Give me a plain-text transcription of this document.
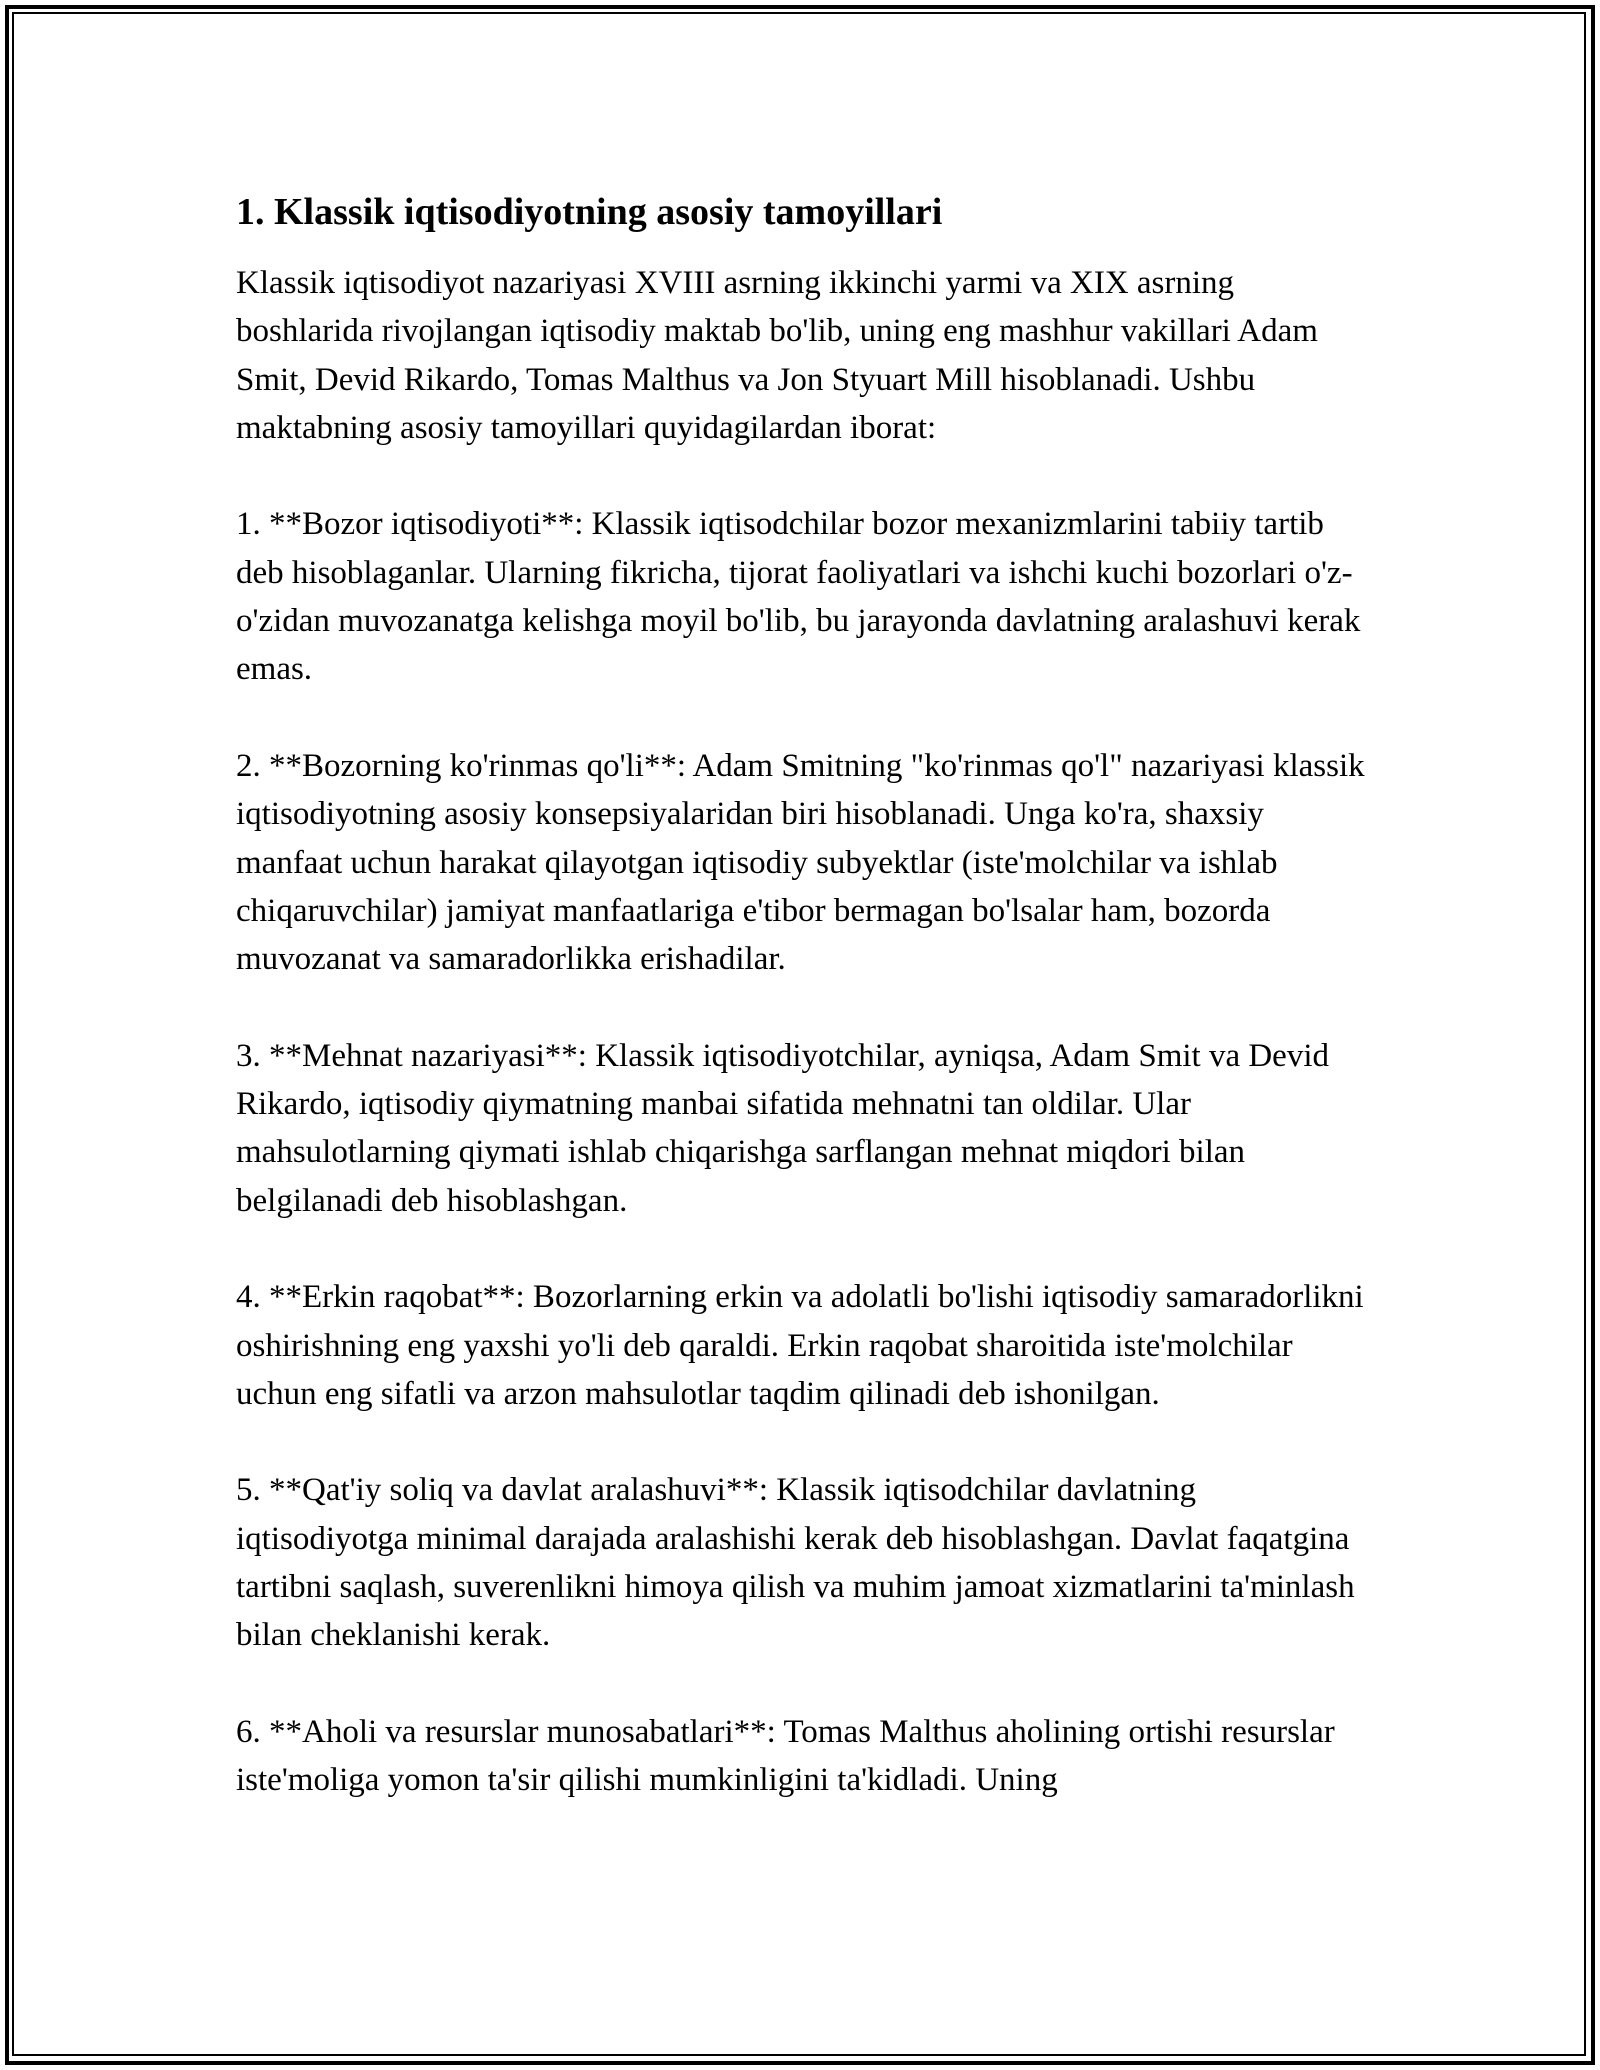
1. Klassik iqtisodiyotning asosiy tamoyillari

Klassik iqtisodiyot nazariyasi XVIII asrning ikkinchi yarmi va XIX asrning boshlarida rivojlangan iqtisodiy maktab bo'lib, uning eng mashhur vakillari Adam Smit, Devid Rikardo, Tomas Malthus va Jon Styuart Mill hisoblanadi. Ushbu maktabning asosiy tamoyillari quyidagilardan iborat:

1. **Bozor iqtisodiyoti**: Klassik iqtisodchilar bozor mexanizmlarini tabiiy tartib deb hisoblaganlar. Ularning fikricha, tijorat faoliyatlari va ishchi kuchi bozorlari o'z-o'zidan muvozanatga kelishga moyil bo'lib, bu jarayonda davlatning aralashuvi kerak emas.

2. **Bozorning ko'rinmas qo'li**: Adam Smitning "ko'rinmas qo'l" nazariyasi klassik iqtisodiyotning asosiy konsepsiyalaridan biri hisoblanadi. Unga ko'ra, shaxsiy manfaat uchun harakat qilayotgan iqtisodiy subyektlar (iste'molchilar va ishlab chiqaruvchilar) jamiyat manfaatlariga e'tibor bermagan bo'lsalar ham, bozorda muvozanat va samaradorlikka erishadilar.

3. **Mehnat nazariyasi**: Klassik iqtisodiyotchilar, ayniqsa, Adam Smit va Devid Rikardo, iqtisodiy qiymatning manbai sifatida mehnatni tan oldilar. Ular mahsulotlarning qiymati ishlab chiqarishga sarflangan mehnat miqdori bilan belgilanadi deb hisoblashgan.

4. **Erkin raqobat**: Bozorlarning erkin va adolatli bo'lishi iqtisodiy samaradorlikni oshirishning eng yaxshi yo'li deb qaraldi. Erkin raqobat sharoitida iste'molchilar uchun eng sifatli va arzon mahsulotlar taqdim qilinadi deb ishonilgan.

5. **Qat'iy soliq va davlat aralashuvi**: Klassik iqtisodchilar davlatning iqtisodiyotga minimal darajada aralashishi kerak deb hisoblashgan. Davlat faqatgina tartibni saqlash, suverenlikni himoya qilish va muhim jamoat xizmatlarini ta'minlash bilan cheklanishi kerak.

6. **Aholi va resurslar munosabatlari**: Tomas Malthus aholining ortishi resurslar iste'moliga yomon ta'sir qilishi mumkinligini ta'kidladi. Uning
